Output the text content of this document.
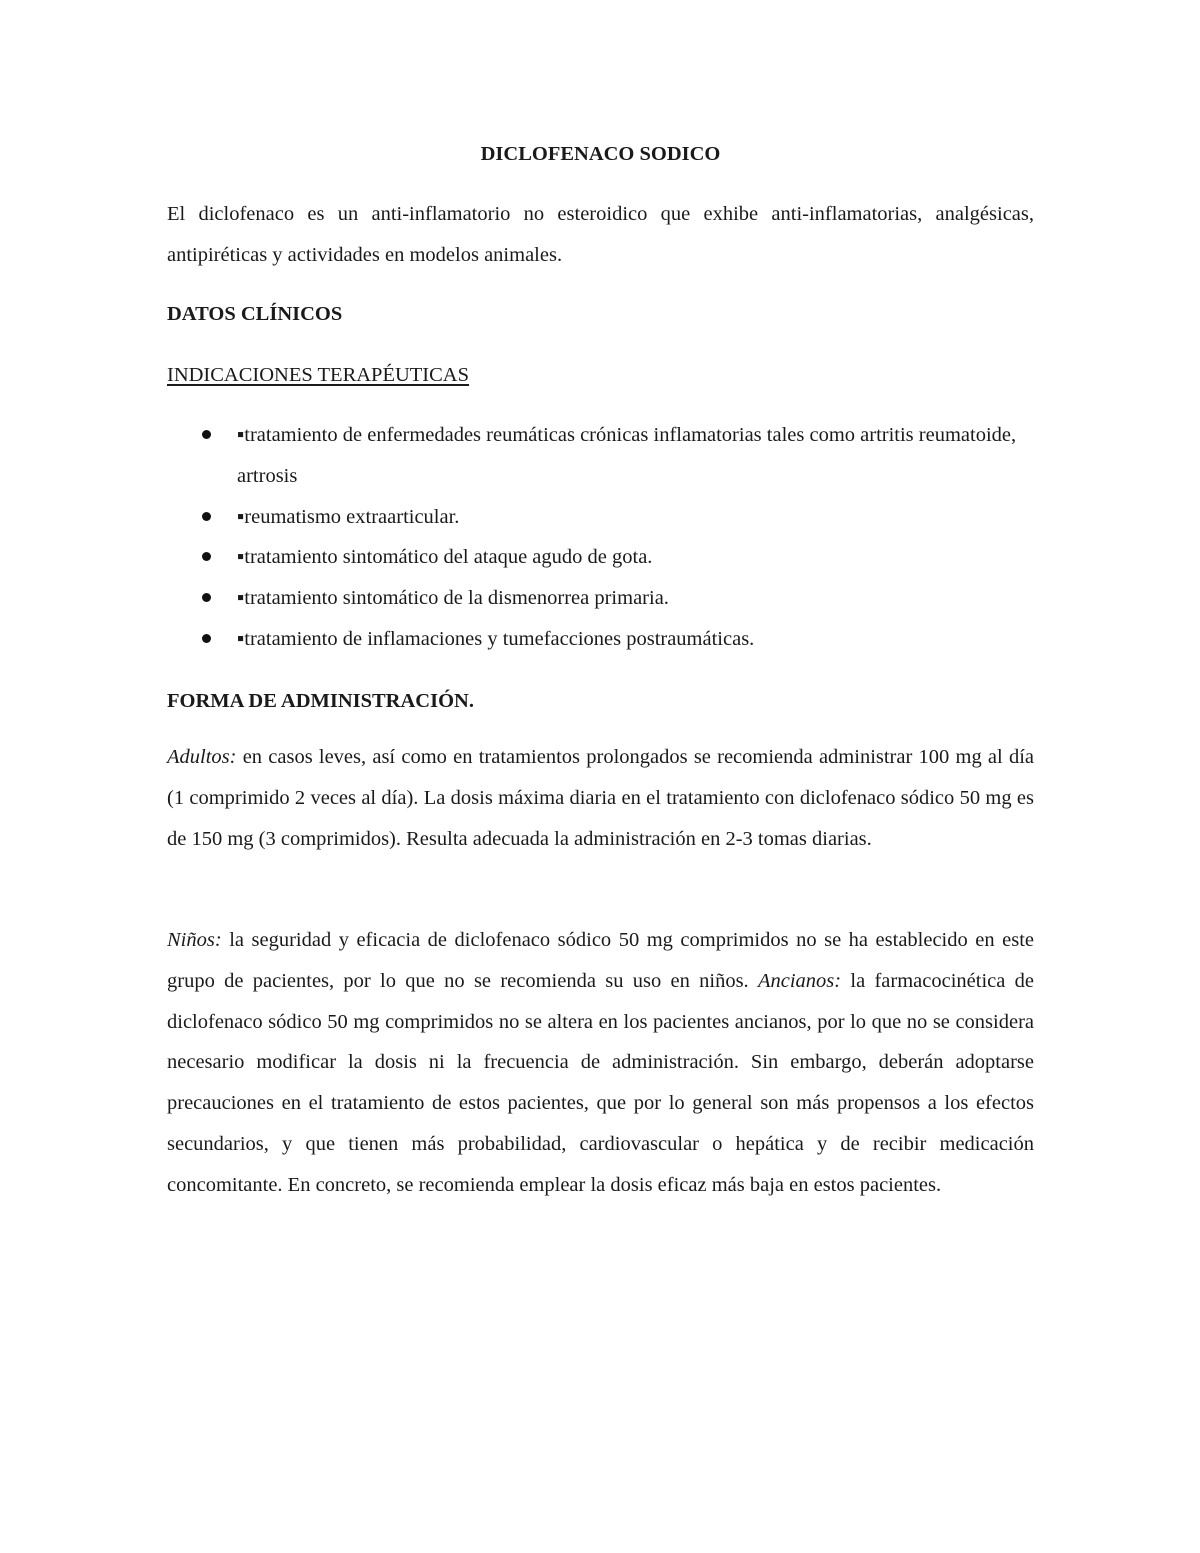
DICLOFENACO SODICO

El diclofenaco es un anti-inflamatorio no esteroidico que exhibe anti-inflamatorias, analgésicas, antipiréticas y actividades en modelos animales.

DATOS CLÍNICOS
INDICACIONES TERAPÉUTICAS
▪tratamiento de enfermedades reumáticas crónicas inflamatorias tales como artritis reumatoide, artrosis
▪reumatismo extraarticular.
▪tratamiento sintomático del ataque agudo de gota.
▪tratamiento sintomático de la dismenorrea primaria.
▪tratamiento de inflamaciones y tumefacciones postraumáticas.
FORMA DE ADMINISTRACIÓN.

Adultos: en casos leves, así como en tratamientos prolongados se recomienda administrar 100 mg al día (1 comprimido 2 veces al día). La dosis máxima diaria en el tratamiento con diclofenaco sódico 50 mg es de 150 mg (3 comprimidos). Resulta adecuada la administración en 2-3 tomas diarias.

Niños: la seguridad y eficacia de diclofenaco sódico 50 mg comprimidos no se ha establecido en este grupo de pacientes, por lo que no se recomienda su uso en niños. Ancianos: la farmacocinética de diclofenaco sódico 50 mg comprimidos no se altera en los pacientes ancianos, por lo que no se considera necesario modificar la dosis ni la frecuencia de administración. Sin embargo, deberán adoptarse precauciones en el tratamiento de estos pacientes, que por lo general son más propensos a los efectos secundarios, y que tienen más probabilidad, cardiovascular o hepática y de recibir medicación concomitante. En concreto, se recomienda emplear la dosis eficaz más baja en estos pacientes.
